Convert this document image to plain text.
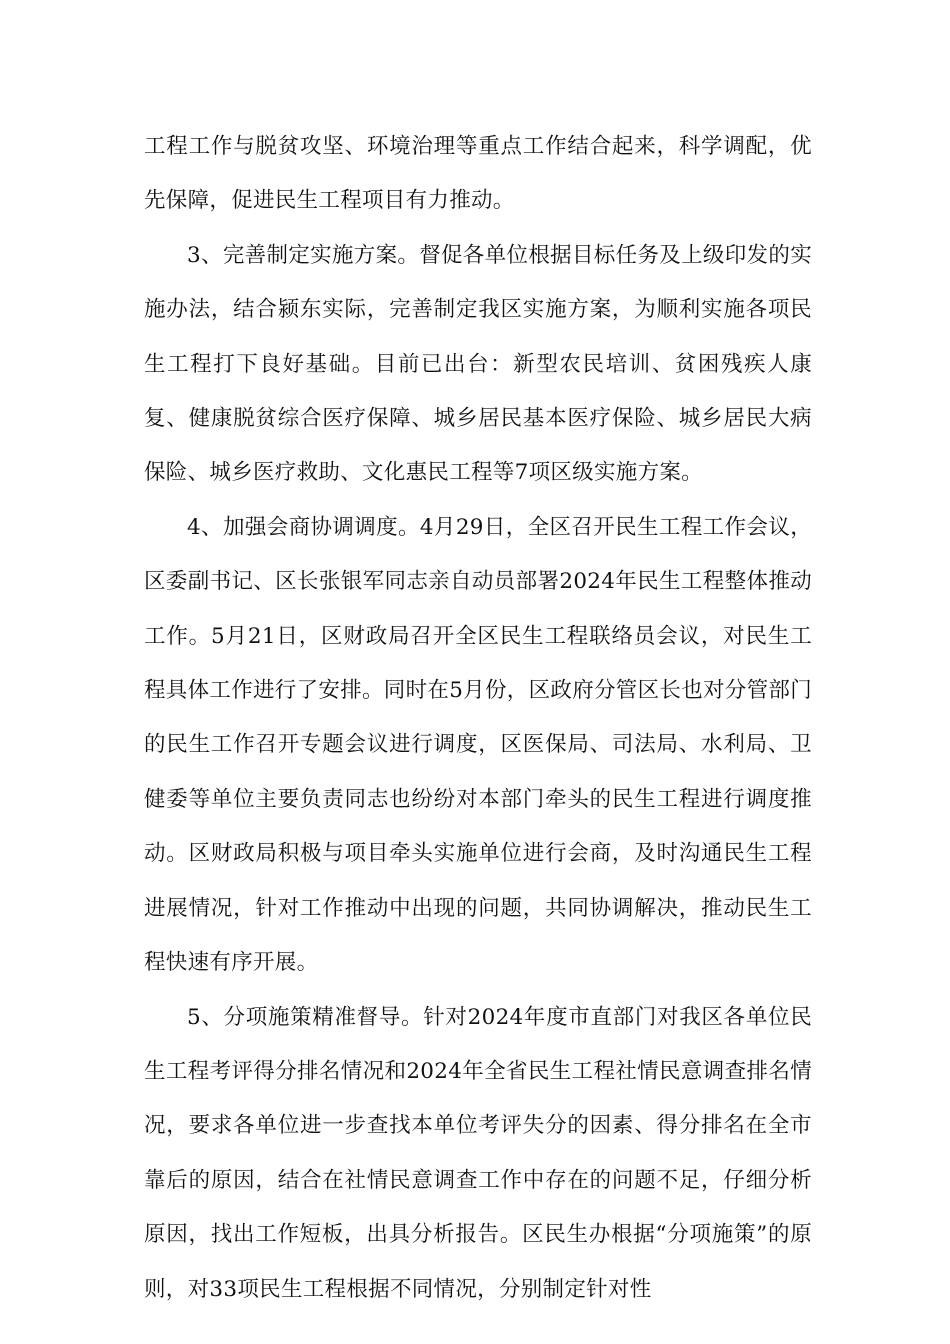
工程工作与脱贫攻坚、环境治理等重点工作结合起来，科学调配，优先保障，促进民生工程项目有力推动。

3、完善制定实施方案。督促各单位根据目标任务及上级印发的实施办法，结合颍东实际，完善制定我区实施方案，为顺利实施各项民生工程打下良好基础。目前已出台：新型农民培训、贫困残疾人康复、健康脱贫综合医疗保障、城乡居民基本医疗保险、城乡居民大病保险、城乡医疗救助、文化惠民工程等7项区级实施方案。

4、加强会商协调调度。4月29日，全区召开民生工程工作会议，区委副书记、区长张银军同志亲自动员部署2024年民生工程整体推动工作。5月21日，区财政局召开全区民生工程联络员会议，对民生工程具体工作进行了安排。同时在5月份，区政府分管区长也对分管部门的民生工作召开专题会议进行调度，区医保局、司法局、水利局、卫健委等单位主要负责同志也纷纷对本部门牵头的民生工程进行调度推动。区财政局积极与项目牵头实施单位进行会商，及时沟通民生工程进展情况，针对工作推动中出现的问题，共同协调解决，推动民生工程快速有序开展。

5、分项施策精准督导。针对2024年度市直部门对我区各单位民生工程考评得分排名情况和2024年全省民生工程社情民意调查排名情况，要求各单位进一步查找本单位考评失分的因素、得分排名在全市靠后的原因，结合在社情民意调查工作中存在的问题不足，仔细分析原因，找出工作短板，出具分析报告。区民生办根据“分项施策”的原则，对33项民生工程根据不同情况，分别制定针对性
